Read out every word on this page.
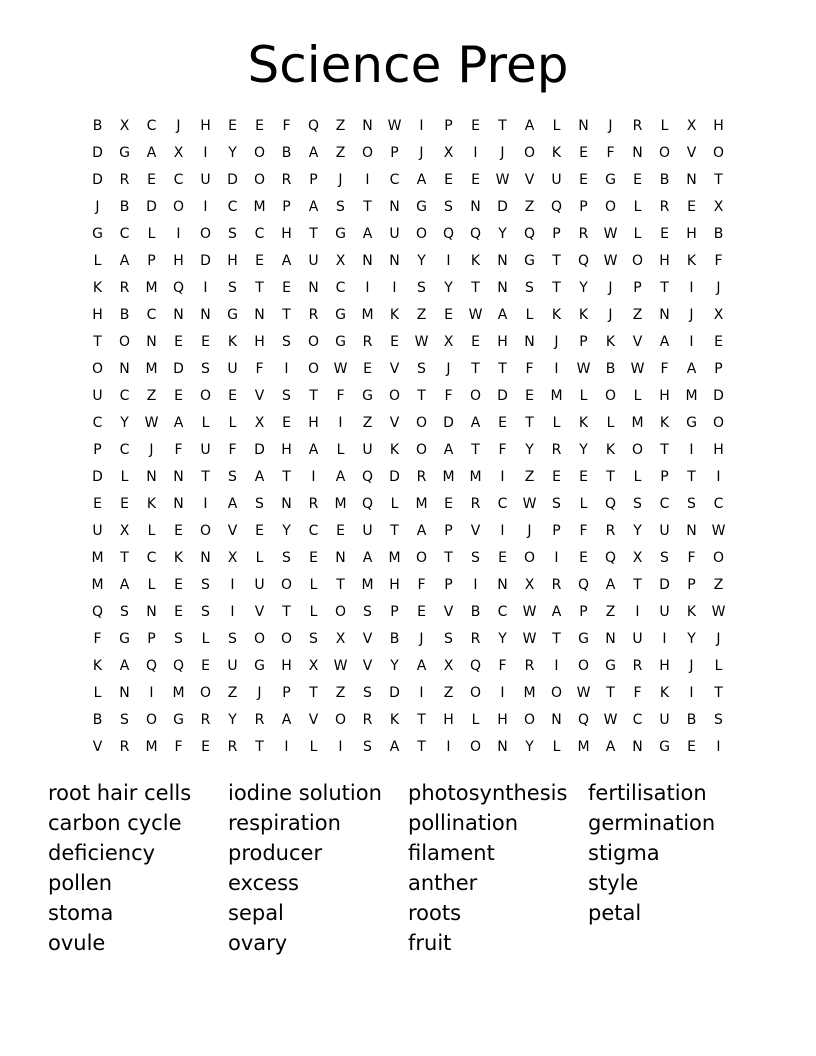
Science Prep
B	X	C	J	H	E	E	F	Q	Z	N	W	I	P	E	T	A	L	N	J	R	L	X	H
D	G	A	X	I	Y	O	B	A	Z	O	P	J	X	I	J	O	K	E	F	N	O	V	O
D	R	E	C	U	D	O	R	P	J	I	C	A	E	E	W	V	U	E	G	E	B	N	T
J	B	D	O	I	C	M	P	A	S	T	N	G	S	N	D	Z	Q	P	O	L	R	E	X
G	C	L	I	O	S	C	H	T	G	A	U	O	Q	Q	Y	Q	P	R	W	L	E	H	B
L	A	P	H	D	H	E	A	U	X	N	N	Y	I	K	N	G	T	Q	W	O	H	K	F
K	R	M	Q	I	S	T	E	N	C	I	I	S	Y	T	N	S	T	Y	J	P	T	I	J
H	B	C	N	N	G	N	T	R	G	M	K	Z	E	W	A	L	K	K	J	Z	N	J	X
T	O	N	E	E	K	H	S	O	G	R	E	W	X	E	H	N	J	P	K	V	A	I	E
O	N	M	D	S	U	F	I	O	W	E	V	S	J	T	T	F	I	W	B	W	F	A	P
U	C	Z	E	O	E	V	S	T	F	G	O	T	F	O	D	E	M	L	O	L	H	M	D
C	Y	W	A	L	L	X	E	H	I	Z	V	O	D	A	E	T	L	K	L	M	K	G	O
P	C	J	F	U	F	D	H	A	L	U	K	O	A	T	F	Y	R	Y	K	O	T	I	H
D	L	N	N	T	S	A	T	I	A	Q	D	R	M	M	I	Z	E	E	T	L	P	T	I
E	E	K	N	I	A	S	N	R	M	Q	L	M	E	R	C	W	S	L	Q	S	C	S	C
U	X	L	E	O	V	E	Y	C	E	U	T	A	P	V	I	J	P	F	R	Y	U	N	W
M	T	C	K	N	X	L	S	E	N	A	M	O	T	S	E	O	I	E	Q	X	S	F	O
M	A	L	E	S	I	U	O	L	T	M	H	F	P	I	N	X	R	Q	A	T	D	P	Z
Q	S	N	E	S	I	V	T	L	O	S	P	E	V	B	C	W	A	P	Z	I	U	K	W
F	G	P	S	L	S	O	O	S	X	V	B	J	S	R	Y	W	T	G	N	U	I	Y	J
K	A	Q	Q	E	U	G	H	X	W	V	Y	A	X	Q	F	R	I	O	G	R	H	J	L
L	N	I	M	O	Z	J	P	T	Z	S	D	I	Z	O	I	M	O	W	T	F	K	I	T
B	S	O	G	R	Y	R	A	V	O	R	K	T	H	L	H	O	N	Q	W	C	U	B	S
V	R	M	F	E	R	T	I	L	I	S	A	T	I	O	N	Y	L	M	A	N	G	E	I
root hair cells
carbon cycle
deficiency
pollen
stoma
ovule
iodine solution
respiration
producer
excess
sepal
ovary
photosynthesis
pollination
filament
anther
roots
fruit
fertilisation
germination
stigma
style
petal
